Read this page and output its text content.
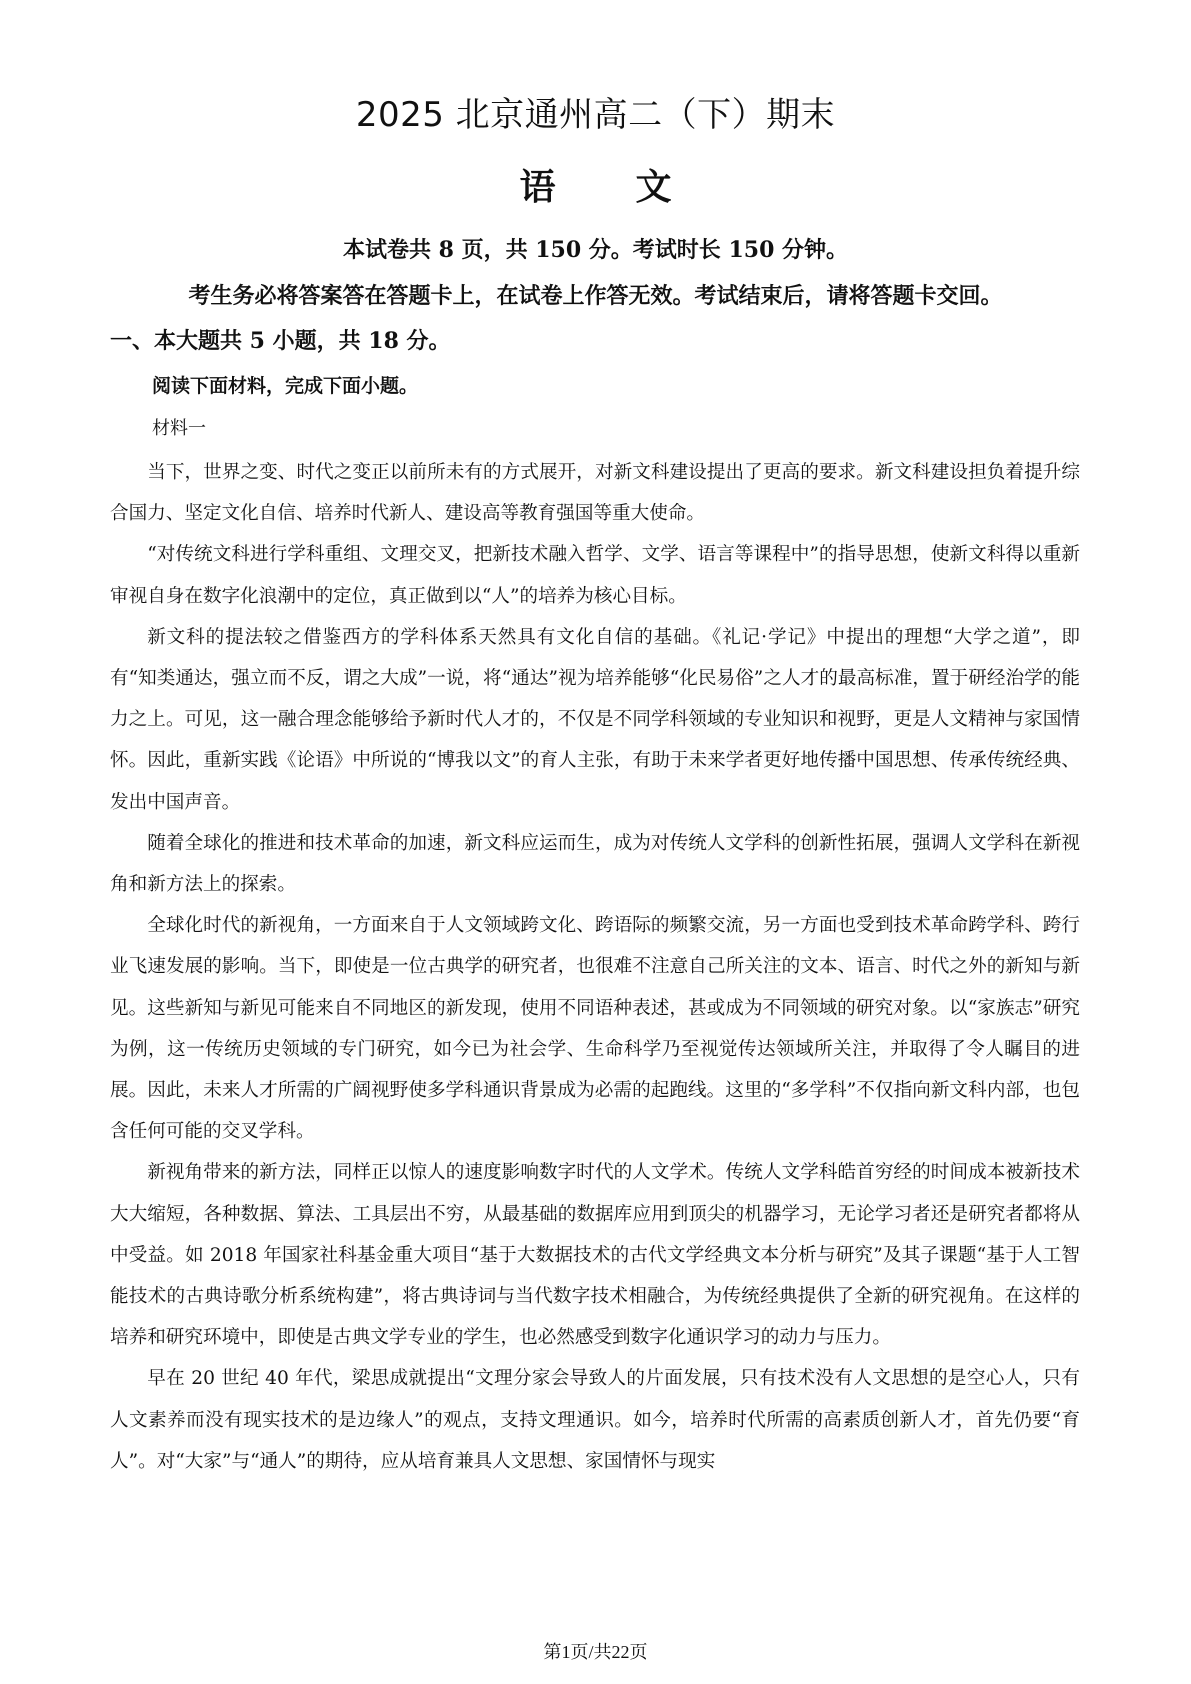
2025 北京通州高二（下）期末
语 文
本试卷共 8 页，共 150 分。考试时长 150 分钟。
考生务必将答案答在答题卡上，在试卷上作答无效。考试结束后，请将答题卡交回。
一、本大题共 5 小题，共 18 分。
阅读下面材料，完成下面小题。
材料一

当下，世界之变、时代之变正以前所未有的方式展开，对新文科建设提出了更高的要求。新文科建设担负着提升综合国力、坚定文化自信、培养时代新人、建设高等教育强国等重大使命。

“对传统文科进行学科重组、文理交叉，把新技术融入哲学、文学、语言等课程中”的指导思想，使新文科得以重新审视自身在数字化浪潮中的定位，真正做到以“人”的培养为核心目标。

新文科的提法较之借鉴西方的学科体系天然具有文化自信的基础。《礼记·学记》中提出的理想“大学之道”，即有“知类通达，强立而不反，谓之大成”一说，将“通达”视为培养能够“化民易俗”之人才的最高标准，置于研经治学的能力之上。可见，这一融合理念能够给予新时代人才的，不仅是不同学科领域的专业知识和视野，更是人文精神与家国情怀。因此，重新实践《论语》中所说的“博我以文”的育人主张，有助于未来学者更好地传播中国思想、传承传统经典、发出中国声音。

随着全球化的推进和技术革命的加速，新文科应运而生，成为对传统人文学科的创新性拓展，强调人文学科在新视角和新方法上的探索。

全球化时代的新视角，一方面来自于人文领域跨文化、跨语际的频繁交流，另一方面也受到技术革命跨学科、跨行业飞速发展的影响。当下，即使是一位古典学的研究者，也很难不注意自己所关注的文本、语言、时代之外的新知与新见。这些新知与新见可能来自不同地区的新发现，使用不同语种表述，甚或成为不同领域的研究对象。以“家族志”研究为例，这一传统历史领域的专门研究，如今已为社会学、生命科学乃至视觉传达领域所关注，并取得了令人瞩目的进展。因此，未来人才所需的广阔视野使多学科通识背景成为必需的起跑线。这里的“多学科”不仅指向新文科内部，也包含任何可能的交叉学科。

新视角带来的新方法，同样正以惊人的速度影响数字时代的人文学术。传统人文学科皓首穷经的时间成本被新技术大大缩短，各种数据、算法、工具层出不穷，从最基础的数据库应用到顶尖的机器学习，无论学习者还是研究者都将从中受益。如 2018 年国家社科基金重大项目“基于大数据技术的古代文学经典文本分析与研究”及其子课题“基于人工智能技术的古典诗歌分析系统构建”，将古典诗词与当代数字技术相融合，为传统经典提供了全新的研究视角。在这样的培养和研究环境中，即使是古典文学专业的学生，也必然感受到数字化通识学习的动力与压力。

早在 20 世纪 40 年代，梁思成就提出“文理分家会导致人的片面发展，只有技术没有人文思想的是空心人，只有人文素养而没有现实技术的是边缘人”的观点，支持文理通识。如今，培养时代所需的高素质创新人才，首先仍要“育人”。对“大家”与“通人”的期待，应从培育兼具人文思想、家国情怀与现实

第1页/共22页
